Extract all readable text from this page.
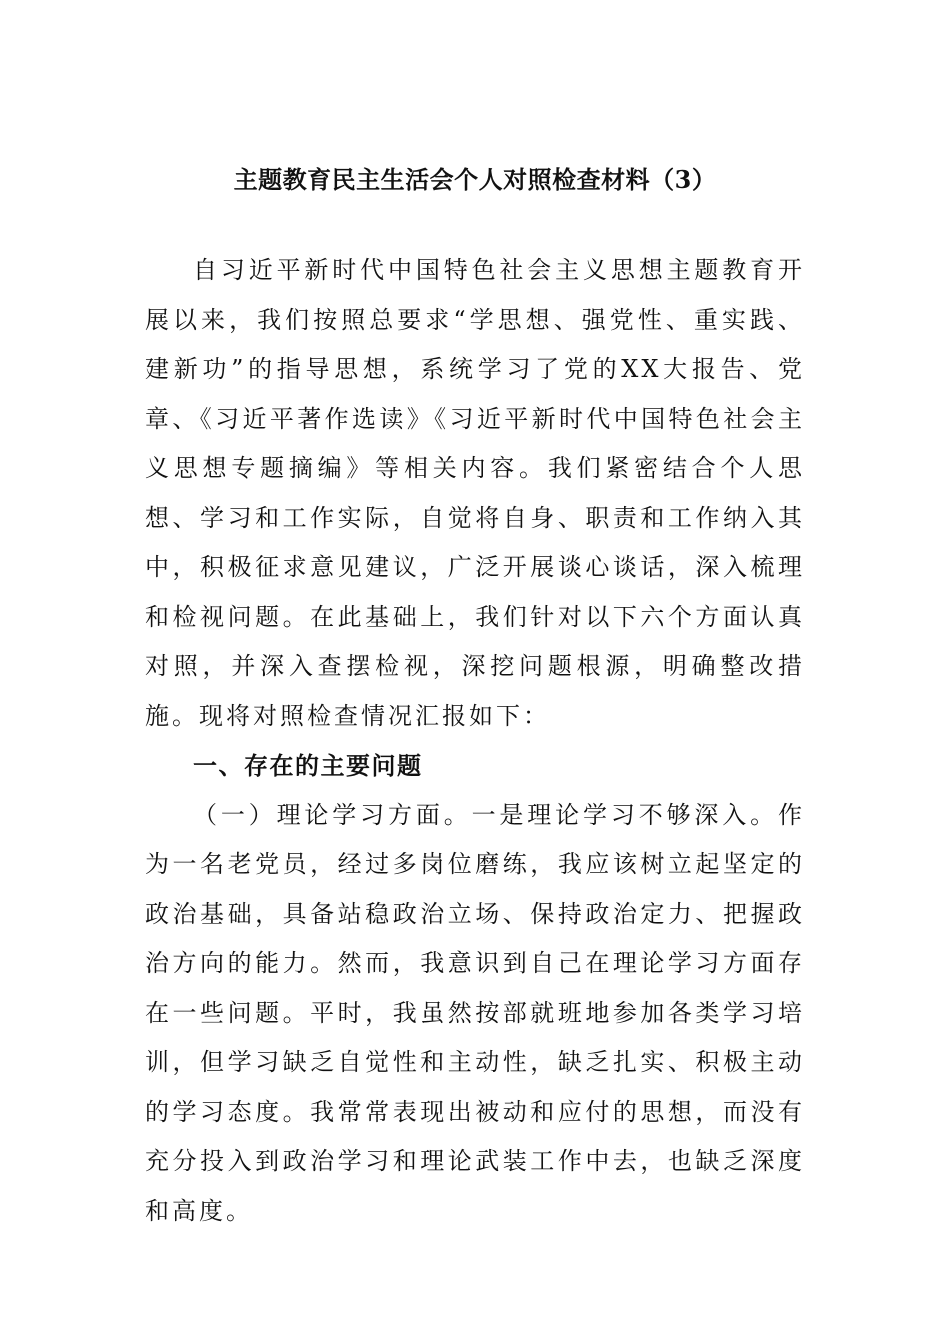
主题教育民主生活会个人对照检查材料（3）

自习近平新时代中国特色社会主义思想主题教育开展以来，我们按照总要求“学思想、强党性、重实践、建新功”的指导思想，系统学习了党的XX大报告、党章、《习近平著作选读》《习近平新时代中国特色社会主义思想专题摘编》等相关内容。我们紧密结合个人思想、学习和工作实际，自觉将自身、职责和工作纳入其中，积极征求意见建议，广泛开展谈心谈话，深入梳理和检视问题。在此基础上，我们针对以下六个方面认真对照，并深入查摆检视，深挖问题根源，明确整改措施。现将对照检查情况汇报如下：

一、存在的主要问题

（一）理论学习方面。一是理论学习不够深入。作为一名老党员，经过多岗位磨练，我应该树立起坚定的政治基础，具备站稳政治立场、保持政治定力、把握政治方向的能力。然而，我意识到自己在理论学习方面存在一些问题。平时，我虽然按部就班地参加各类学习培训，但学习缺乏自觉性和主动性，缺乏扎实、积极主动的学习态度。我常常表现出被动和应付的思想，而没有充分投入到政治学习和理论武装工作中去，也缺乏深度和高度。
